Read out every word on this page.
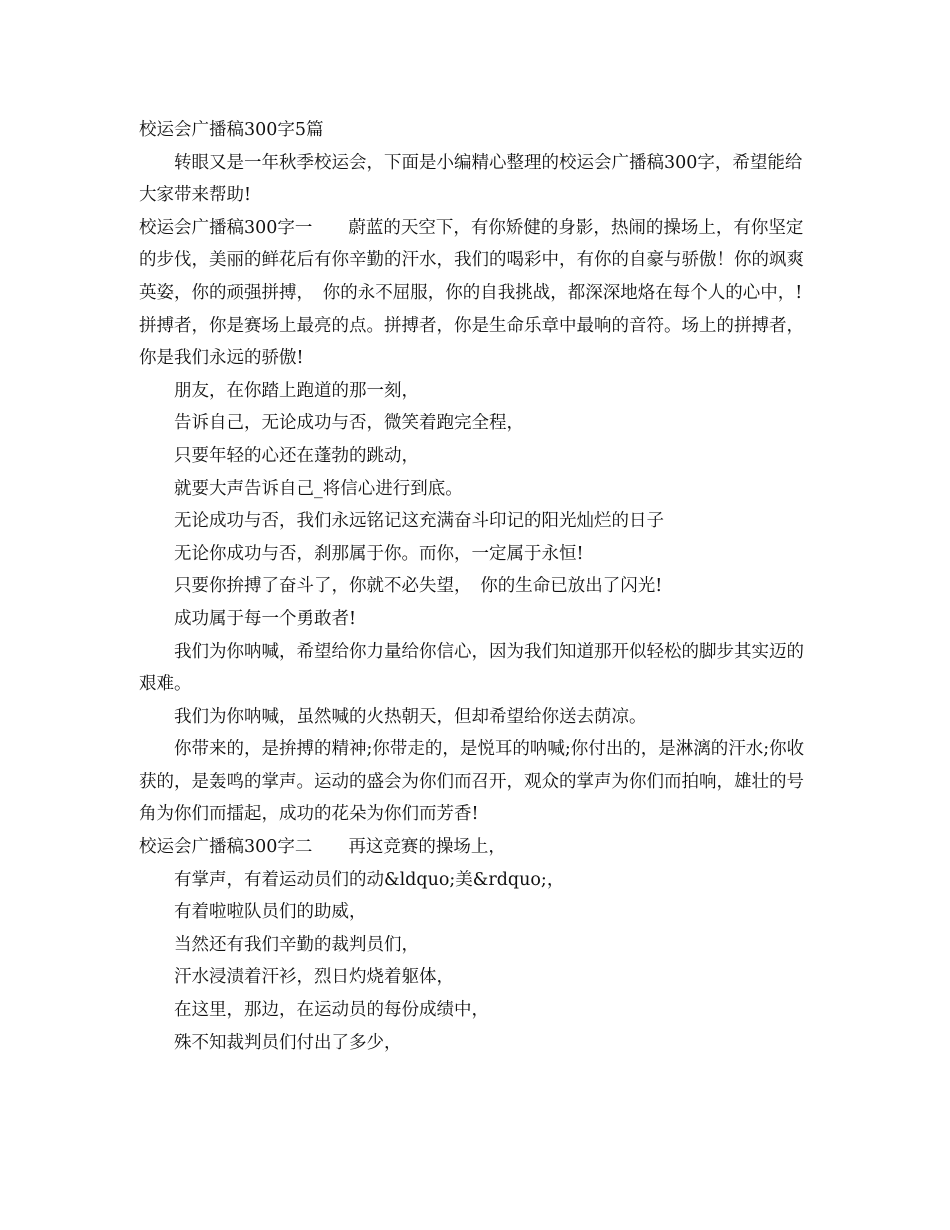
校运会广播稿300字5篇

转眼又是一年秋季校运会，下面是小编精心整理的校运会广播稿300字，希望能给大家带来帮助!

校运会广播稿300字一 蔚蓝的天空下，有你矫健的身影，热闹的操场上，有你坚定的步伐，美丽的鲜花后有你辛勤的汗水，我们的喝彩中，有你的自豪与骄傲！你的飒爽英姿，你的顽强拼搏，　你的永不屈服，你的自我挑战，都深深地烙在每个人的心中，!拼搏者，你是赛场上最亮的点。拼搏者，你是生命乐章中最响的音符。场上的拼搏者，你是我们永远的骄傲!

朋友，在你踏上跑道的那一刻，

告诉自己，无论成功与否，微笑着跑完全程，

只要年轻的心还在蓬勃的跳动，

就要大声告诉自己_将信心进行到底。

无论成功与否，我们永远铭记这充满奋斗印记的阳光灿烂的日子

无论你成功与否，刹那属于你。而你，一定属于永恒!

只要你拚搏了奋斗了，你就不必失望，　你的生命已放出了闪光!

成功属于每一个勇敢者!

我们为你呐喊，希望给你力量给你信心，因为我们知道那开似轻松的脚步其实迈的艰难。

我们为你呐喊，虽然喊的火热朝天，但却希望给你送去荫凉。

你带来的，是拚搏的精神;你带走的，是悦耳的呐喊;你付出的，是淋漓的汗水;你收获的，是轰鸣的掌声。运动的盛会为你们而召开，观众的掌声为你们而拍响，雄壮的号角为你们而擂起，成功的花朵为你们而芳香!

校运会广播稿300字二 再这竞赛的操场上，

有掌声，有着运动员们的动&ldquo;美&rdquo;，

有着啦啦队员们的助威，

当然还有我们辛勤的裁判员们，

汗水浸渍着汗衫，烈日灼烧着躯体，

在这里，那边，在运动员的每份成绩中，

殊不知裁判员们付出了多少，
